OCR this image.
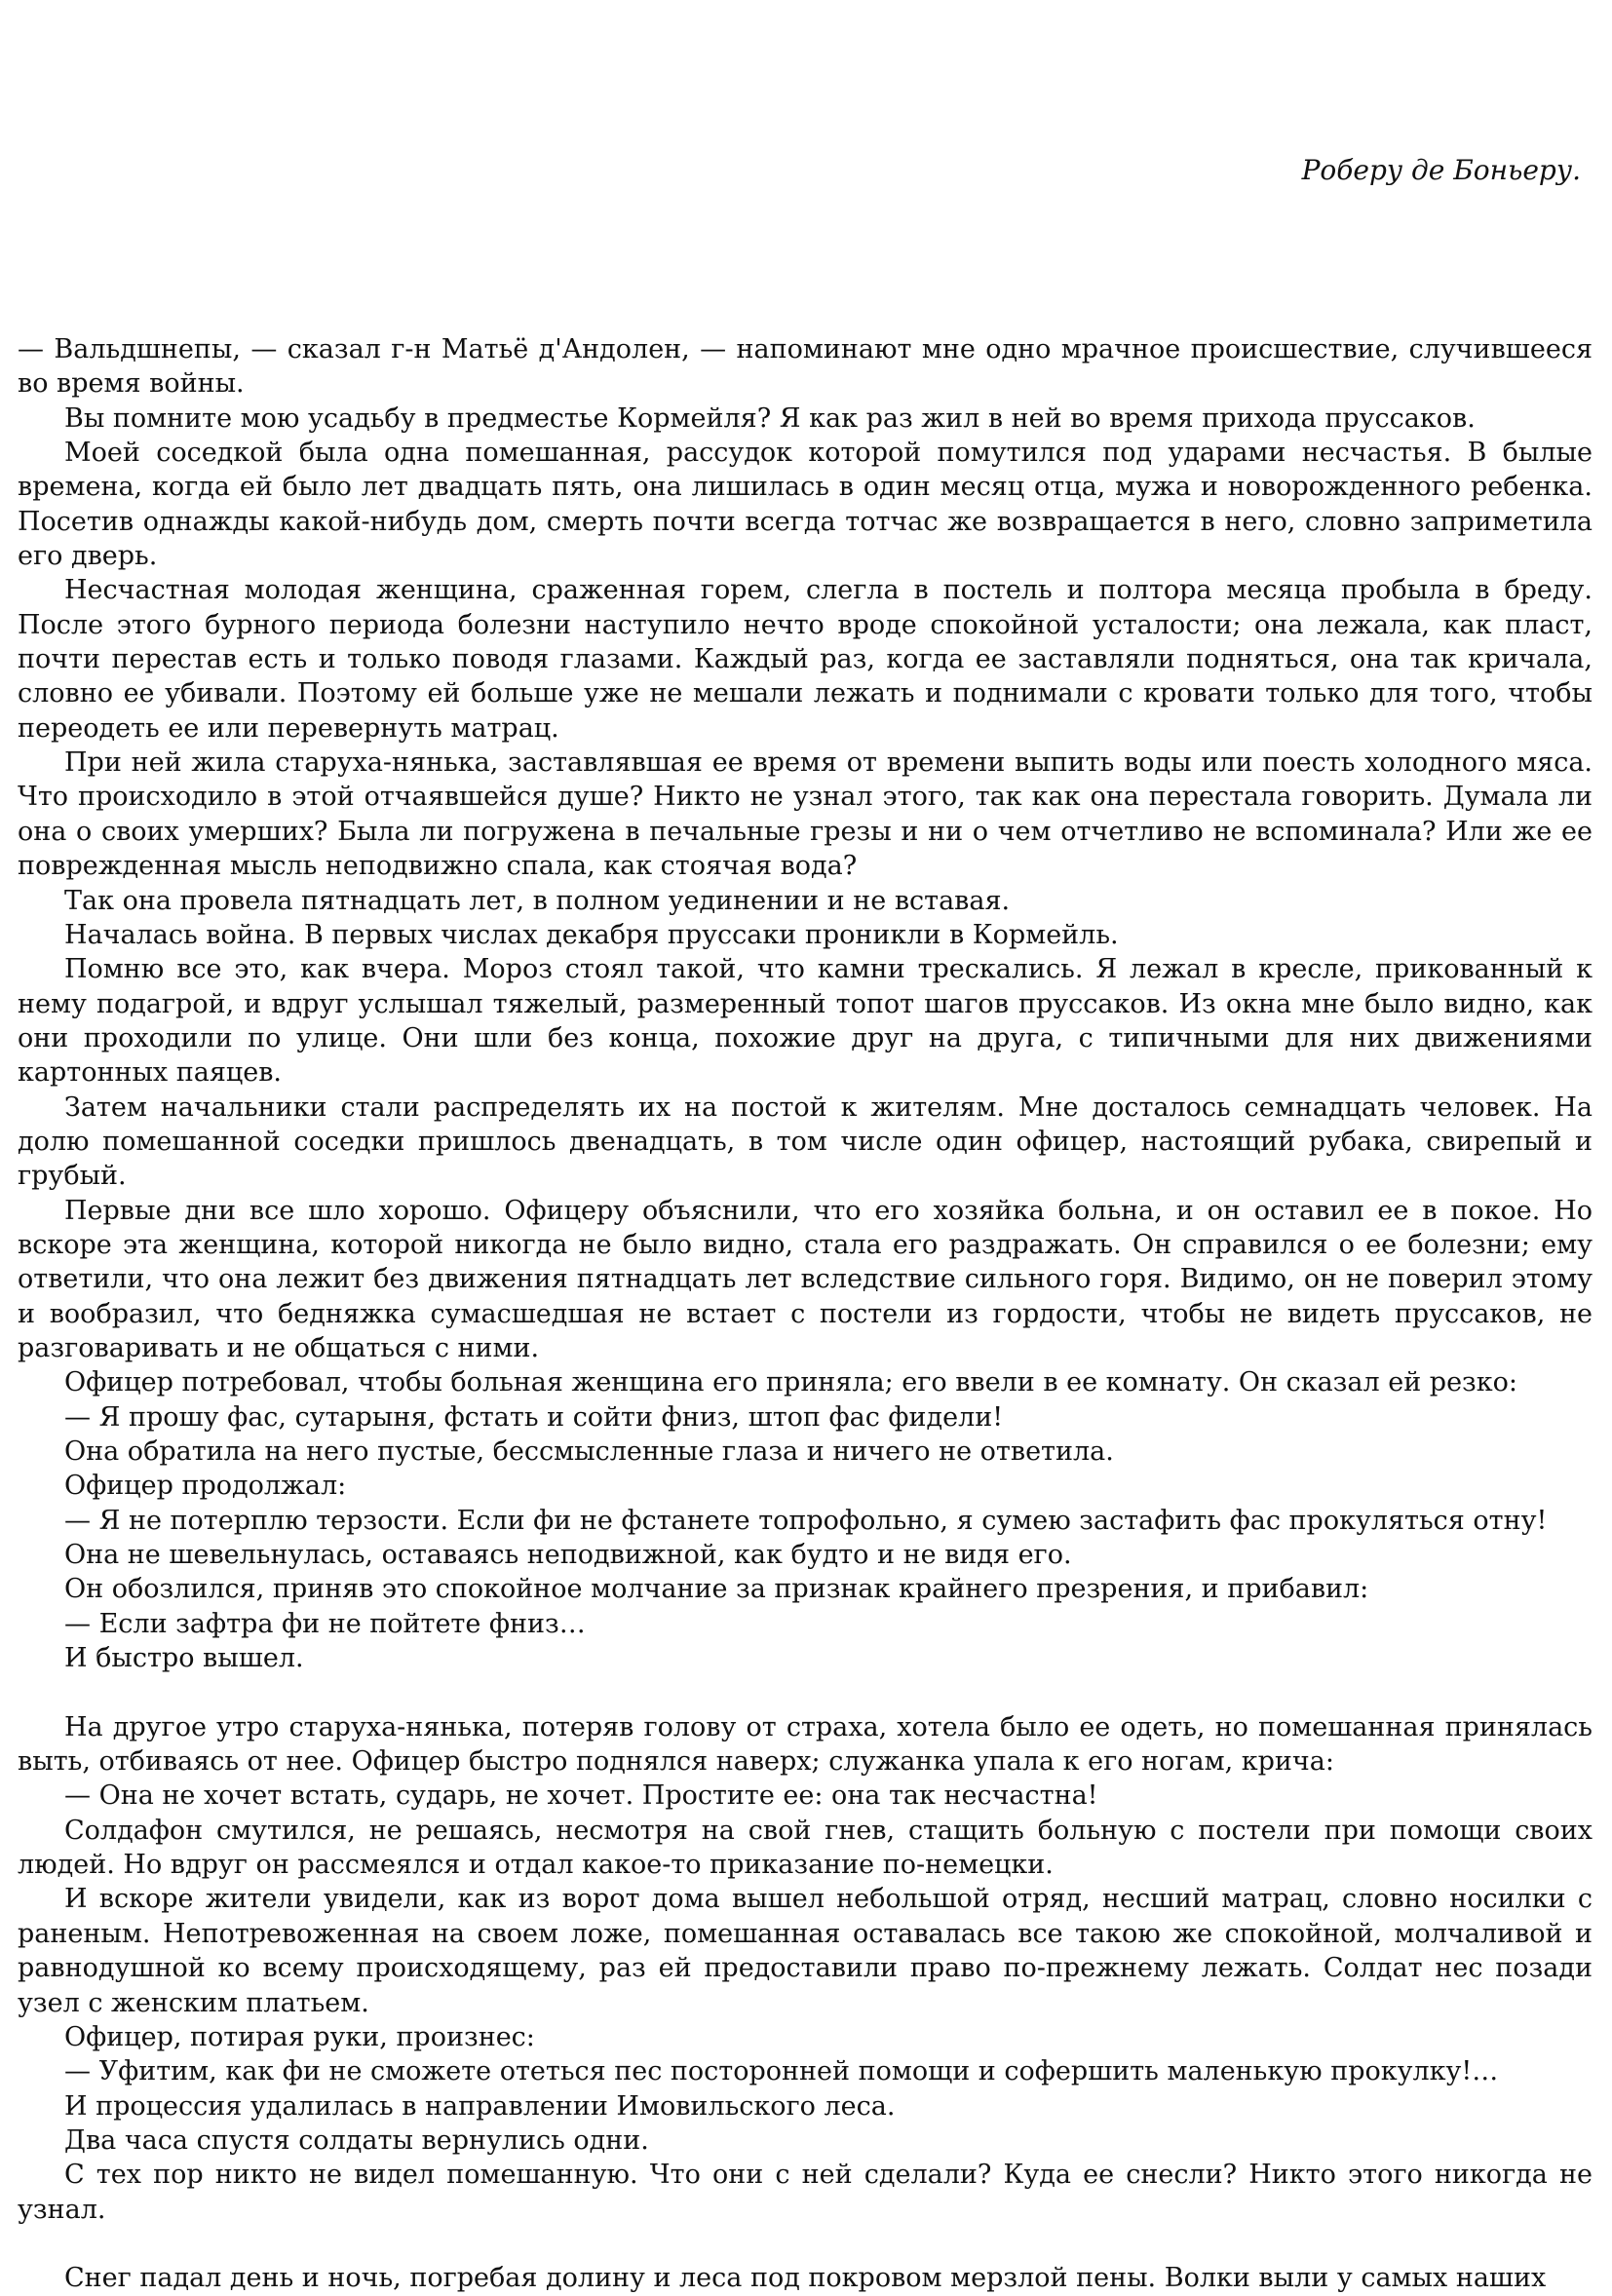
Роберу де Боньеру.

— Вальдшнепы, — сказал г-н Матьё д'Андолен, — напоминают мне одно мрачное происшествие, случившееся во время войны.

Вы помните мою усадьбу в предместье Кормейля? Я как раз жил в ней во время прихода пруссаков.

Моей соседкой была одна помешанная, рассудок которой помутился под ударами несчастья. В былые времена, когда ей было лет двадцать пять, она лишилась в один месяц отца, мужа и новорожденного ребенка. Посетив однажды какой-нибудь дом, смерть почти всегда тотчас же возвращается в него, словно заприметила его дверь.

Несчастная молодая женщина, сраженная горем, слегла в постель и полтора месяца пробыла в бреду. После этого бурного периода болезни наступило нечто вроде спокойной усталости; она лежала, как пласт, почти перестав есть и только поводя глазами. Каждый раз, когда ее заставляли подняться, она так кричала, словно ее убивали. Поэтому ей больше уже не мешали лежать и поднимали с кровати только для того, чтобы переодеть ее или перевернуть матрац.

При ней жила старуха-нянька, заставлявшая ее время от времени выпить воды или поесть холодного мяса. Что происходило в этой отчаявшейся душе? Никто не узнал этого, так как она перестала говорить. Думала ли она о своих умерших? Была ли погружена в печальные грезы и ни о чем отчетливо не вспоминала? Или же ее поврежденная мысль неподвижно спала, как стоячая вода?

Так она провела пятнадцать лет, в полном уединении и не вставая.

Началась война. В первых числах декабря пруссаки проникли в Кормейль.

Помню все это, как вчера. Мороз стоял такой, что камни трескались. Я лежал в кресле, прикованный к нему подагрой, и вдруг услышал тяжелый, размеренный топот шагов пруссаков. Из окна мне было видно, как они проходили по улице. Они шли без конца, похожие друг на друга, с типичными для них движениями картонных паяцев.

Затем начальники стали распределять их на постой к жителям. Мне досталось семнадцать человек. На долю помешанной соседки пришлось двенадцать, в том числе один офицер, настоящий рубака, свирепый и грубый.

Первые дни все шло хорошо. Офицеру объяснили, что его хозяйка больна, и он оставил ее в покое. Но вскоре эта женщина, которой никогда не было видно, стала его раздражать. Он справился о ее болезни; ему ответили, что она лежит без движения пятнадцать лет вследствие сильного горя. Видимо, он не поверил этому и вообразил, что бедняжка сумасшедшая не встает с постели из гордости, чтобы не видеть пруссаков, не разговаривать и не общаться с ними.

Офицер потребовал, чтобы больная женщина его приняла; его ввели в ее комнату. Он сказал ей резко:

— Я прошу фас, сутарыня, фстать и сойти фниз, штоп фас фидели!

Она обратила на него пустые, бессмысленные глаза и ничего не ответила.

Офицер продолжал:

— Я не потерплю терзости. Если фи не фстанете топрофольно, я сумею застафить фас прокуляться отну!

Она не шевельнулась, оставаясь неподвижной, как будто и не видя его.

Он обозлился, приняв это спокойное молчание за признак крайнего презрения, и прибавил:

— Если зафтра фи не пойтете фниз…

И быстро вышел.

На другое утро старуха-нянька, потеряв голову от страха, хотела было ее одеть, но помешанная принялась выть, отбиваясь от нее. Офицер быстро поднялся наверх; служанка упала к его ногам, крича:

— Она не хочет встать, сударь, не хочет. Простите ее: она так несчастна!

Солдафон смутился, не решаясь, несмотря на свой гнев, стащить больную с постели при помощи своих людей. Но вдруг он рассмеялся и отдал какое-то приказание по-немецки.

И вскоре жители увидели, как из ворот дома вышел небольшой отряд, несший матрац, словно носилки с раненым. Непотревоженная на своем ложе, помешанная оставалась все такою же спокойной, молчаливой и равнодушной ко всему происходящему, раз ей предоставили право по-прежнему лежать. Солдат нес позади узел с женским платьем.

Офицер, потирая руки, произнес:

— Уфитим, как фи не сможете отеться пес посторонней помощи и софершить маленькую прокулку!…

И процессия удалилась в направлении Имовильского леса.

Два часа спустя солдаты вернулись одни.

С тех пор никто не видел помешанную. Что они с ней сделали? Куда ее снесли? Никто этого никогда не узнал.

Снег падал день и ночь, погребая долину и леса под покровом мерзлой пены. Волки выли у самых наших
